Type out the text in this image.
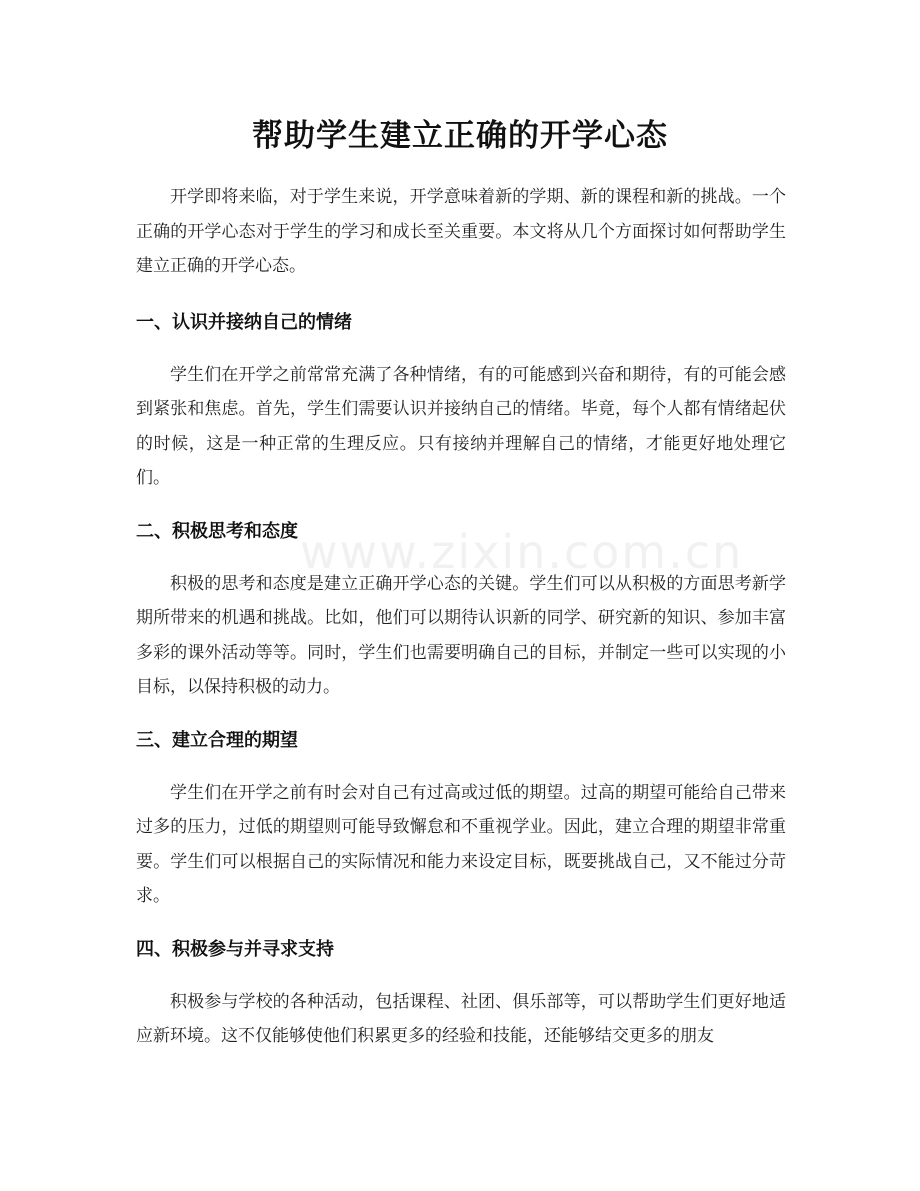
帮助学生建立正确的开学心态

开学即将来临，对于学生来说，开学意味着新的学期、新的课程和新的挑战。一个正确的开学心态对于学生的学习和成长至关重要。本文将从几个方面探讨如何帮助学生建立正确的开学心态。

一、认识并接纳自己的情绪

学生们在开学之前常常充满了各种情绪，有的可能感到兴奋和期待，有的可能会感到紧张和焦虑。首先，学生们需要认识并接纳自己的情绪。毕竟，每个人都有情绪起伏的时候，这是一种正常的生理反应。只有接纳并理解自己的情绪，才能更好地处理它们。

二、积极思考和态度

积极的思考和态度是建立正确开学心态的关键。学生们可以从积极的方面思考新学期所带来的机遇和挑战。比如，他们可以期待认识新的同学、研究新的知识、参加丰富多彩的课外活动等等。同时，学生们也需要明确自己的目标，并制定一些可以实现的小目标，以保持积极的动力。

三、建立合理的期望

学生们在开学之前有时会对自己有过高或过低的期望。过高的期望可能给自己带来过多的压力，过低的期望则可能导致懈怠和不重视学业。因此，建立合理的期望非常重要。学生们可以根据自己的实际情况和能力来设定目标，既要挑战自己，又不能过分苛求。

四、积极参与并寻求支持

积极参与学校的各种活动，包括课程、社团、俱乐部等，可以帮助学生们更好地适应新环境。这不仅能够使他们积累更多的经验和技能，还能够结交更多的朋友

www.zixin.com.cn
